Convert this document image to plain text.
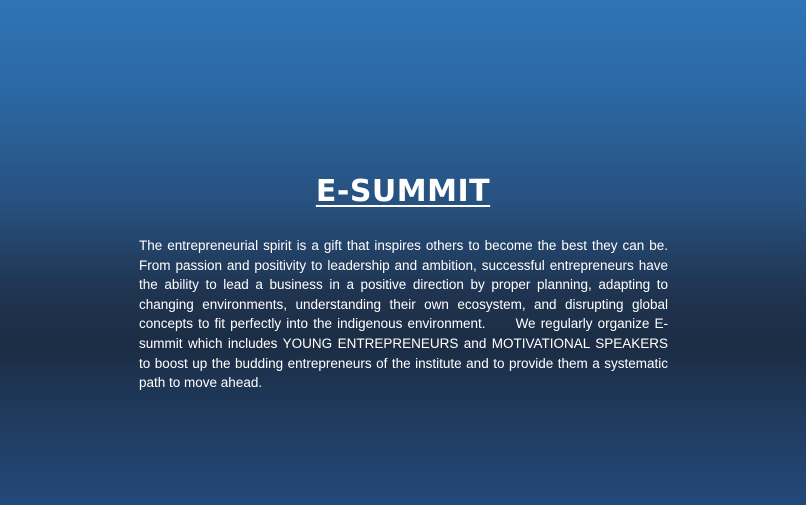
E-SUMMIT

The entrepreneurial spirit is a gift that inspires others to become the best they can be. From passion and positivity to leadership and ambition, successful entrepreneurs have the ability to lead a business in a positive direction by proper planning, adapting to changing environments, understanding their own ecosystem, and disrupting global concepts to fit perfectly into the indigenous environment. We regularly organize E-summit which includes YOUNG ENTREPRENEURS and MOTIVATIONAL SPEAKERS to boost up the budding entrepreneurs of the institute and to provide them a systematic path to move ahead.
